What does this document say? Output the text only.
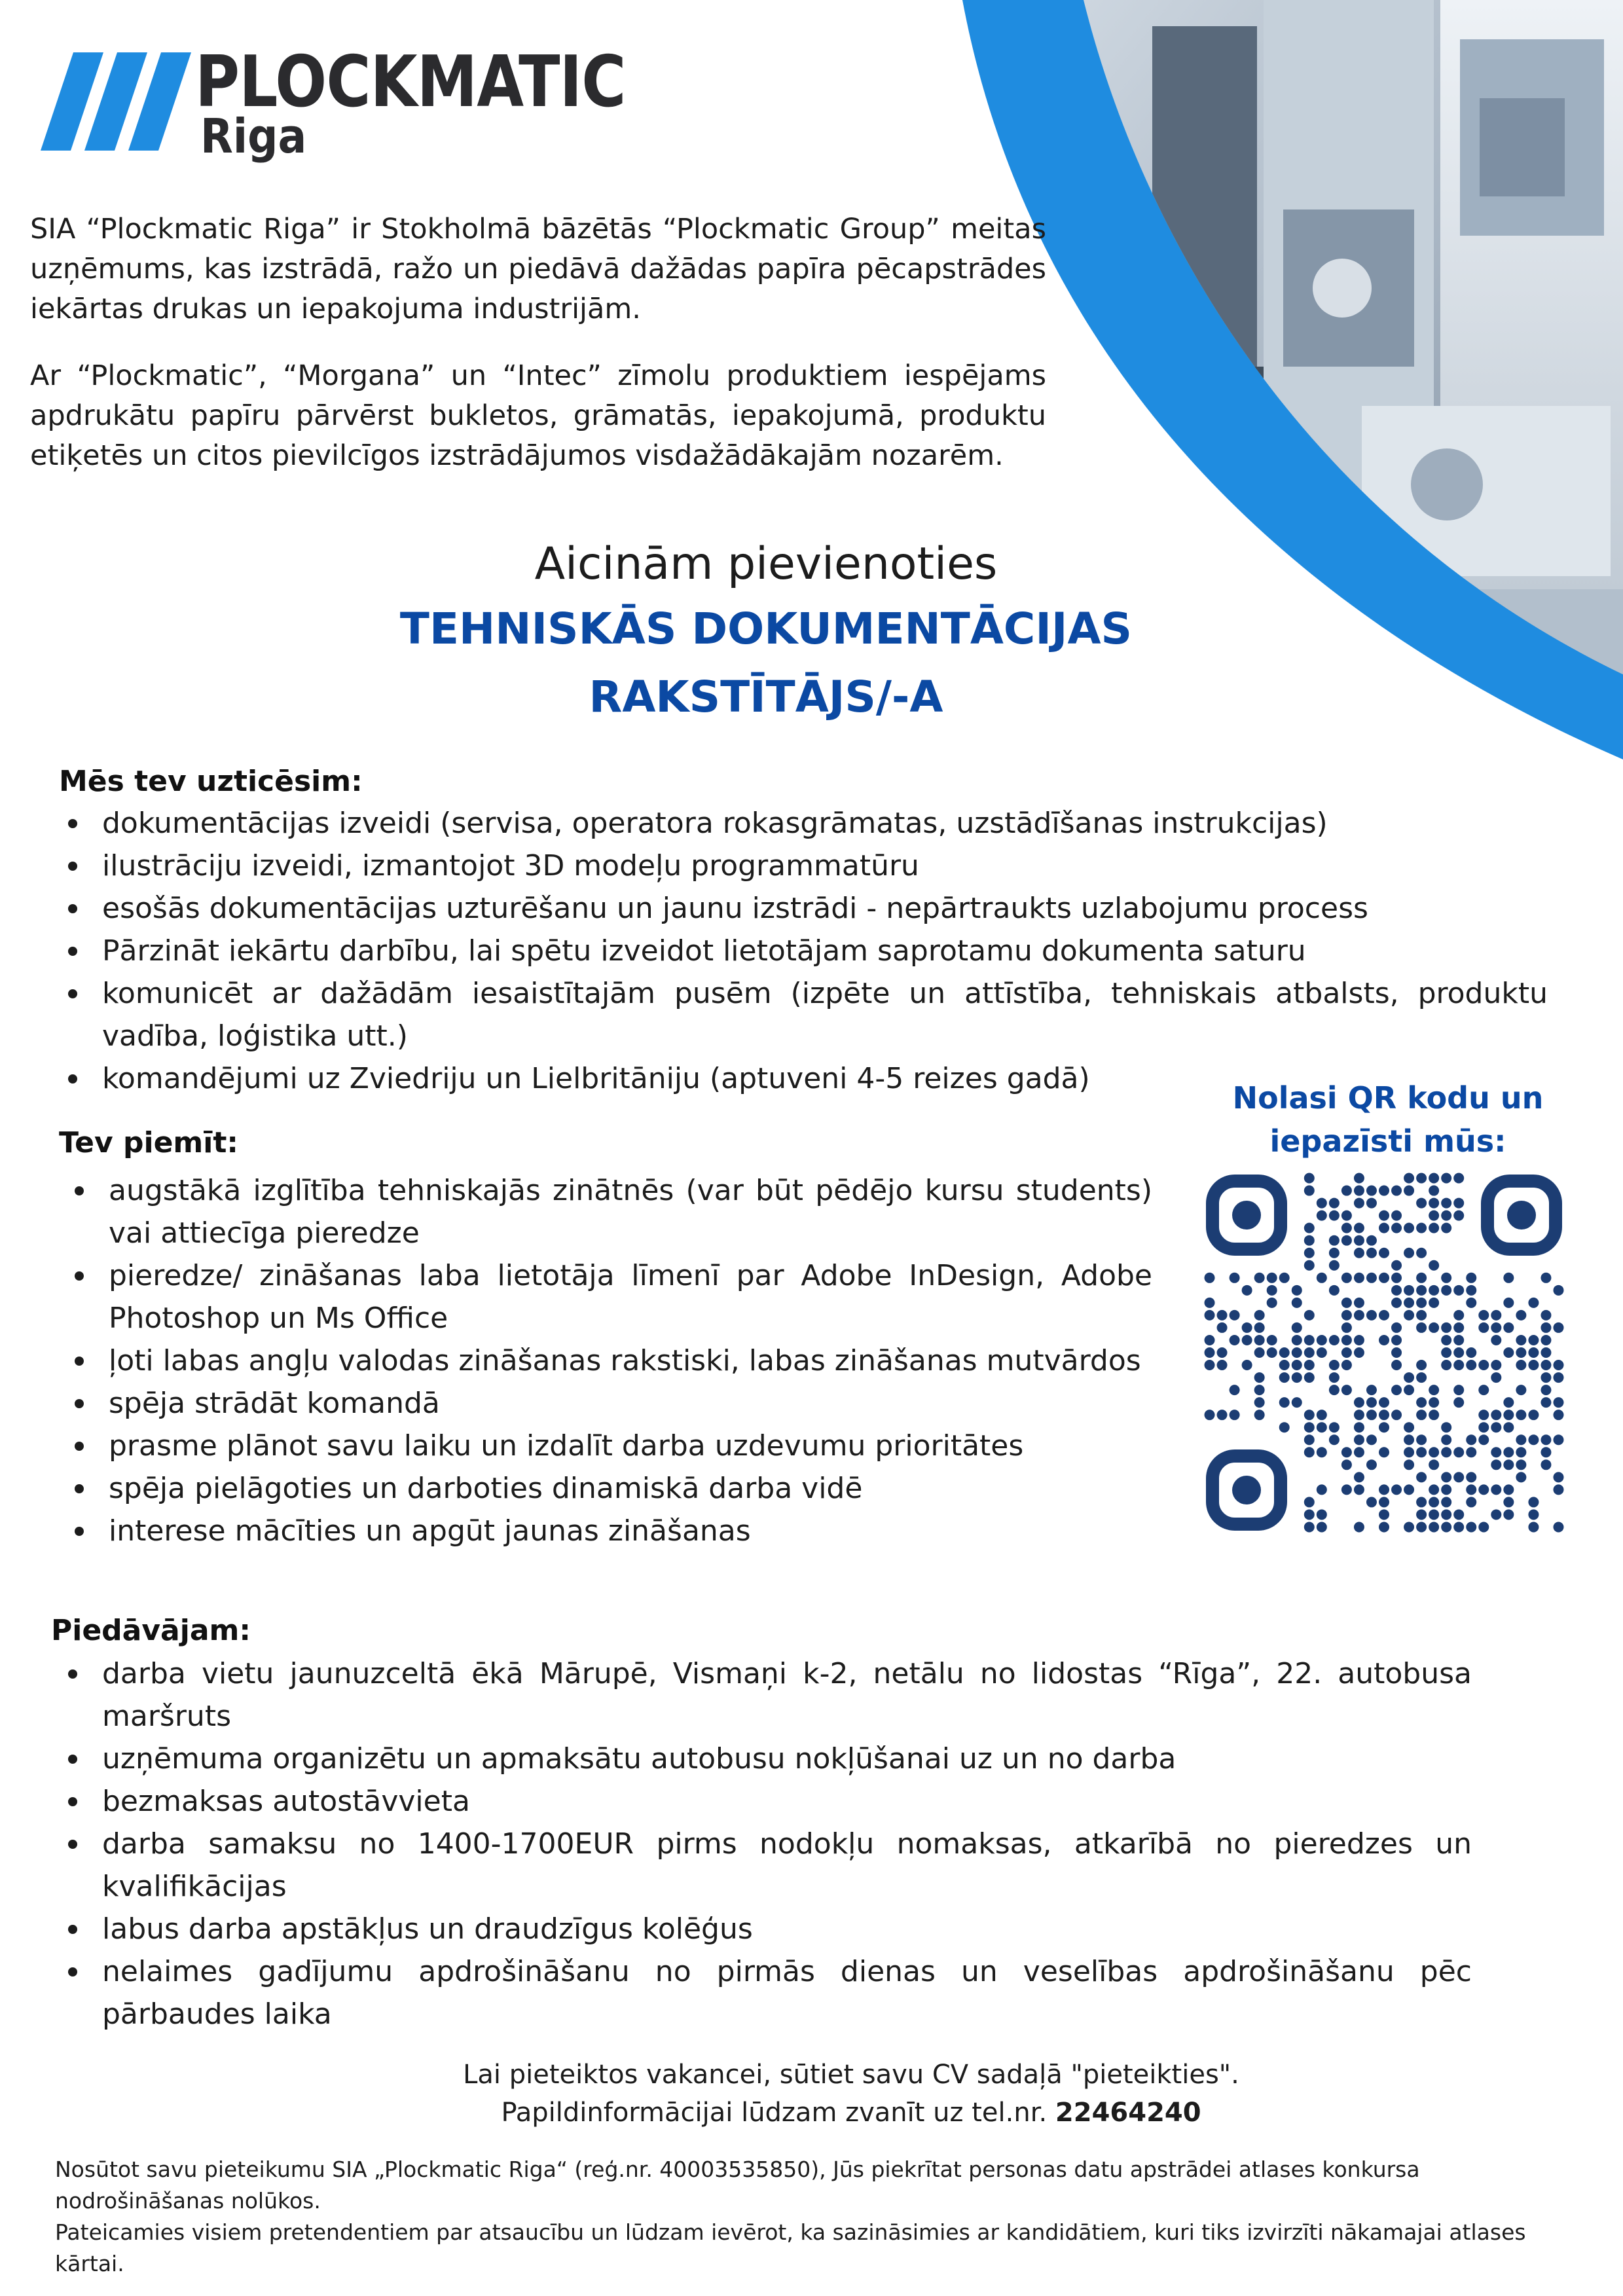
PLOCKMATIC
Riga
SIA “Plockmatic Riga” ir Stokholmā bāzētās “Plockmatic Group” meitas uzņēmums, kas izstrādā, ražo un piedāvā dažādas papīra pēcapstrādes iekārtas drukas un iepakojuma industrijām.
Ar “Plockmatic”, “Morgana” un “Intec” zīmolu produktiem iespējams apdrukātu papīru pārvērst bukletos, grāmatās, iepakojumā, produktu etiķetēs un citos pievilcīgos izstrādājumos visdažādākajām nozarēm.
Aicinām pievienoties
TEHNISKĀS DOKUMENTĀCIJAS
RAKSTĪTĀJS/-A
Mēs tev uzticēsim:
dokumentācijas izveidi (servisa, operatora rokasgrāmatas, uzstādīšanas instrukcijas)
ilustrāciju izveidi, izmantojot 3D modeļu programmatūru
esošās dokumentācijas uzturēšanu un jaunu izstrādi - nepārtraukts uzlabojumu process
Pārzināt iekārtu darbību, lai spētu izveidot lietotājam saprotamu dokumenta saturu
komunicēt ar dažādām iesaistītajām pusēm (izpēte un attīstība, tehniskais atbalsts, produktu vadība, loģistika utt.)
komandējumi uz Zviedriju un Lielbritāniju (aptuveni 4-5 reizes gadā)
Nolasi QR kodu un
iepazīsti mūs:
Tev piemīt:
augstākā izglītība tehniskajās zinātnēs (var būt pēdējo kursu students) vai attiecīga pieredze
pieredze/ zināšanas laba lietotāja līmenī par Adobe InDesign, Adobe Photoshop un Ms Office
ļoti labas angļu valodas zināšanas rakstiski, labas zināšanas mutvārdos
spēja strādāt komandā
prasme plānot savu laiku un izdalīt darba uzdevumu prioritātes
spēja pielāgoties un darboties dinamiskā darba vidē
interese mācīties un apgūt jaunas zināšanas
Piedāvājam:
darba vietu jaunuzceltā ēkā Mārupē, Vismaņi k-2, netālu no lidostas “Rīga”, 22. autobusa maršruts
uzņēmuma organizētu un apmaksātu autobusu nokļūšanai uz un no darba
bezmaksas autostāvvieta
darba samaksu no 1400-1700EUR pirms nodokļu nomaksas, atkarībā no pieredzes un kvalifikācijas
labus darba apstākļus un draudzīgus kolēģus
nelaimes gadījumu apdrošināšanu no pirmās dienas un veselības apdrošināšanu pēc pārbaudes laika
Lai pieteiktos vakancei, sūtiet savu CV sadaļā "pieteikties".
Papildinformācijai lūdzam zvanīt uz tel.nr. 22464240
Nosūtot savu pieteikumu SIA „Plockmatic Riga“ (reģ.nr. 40003535850), Jūs piekrītat personas datu apstrādei atlases konkursa nodrošināšanas nolūkos.
Pateicamies visiem pretendentiem par atsaucību un lūdzam ievērot, ka sazināsimies ar kandidātiem, kuri tiks izvirzīti nākamajai atlases kārtai.
